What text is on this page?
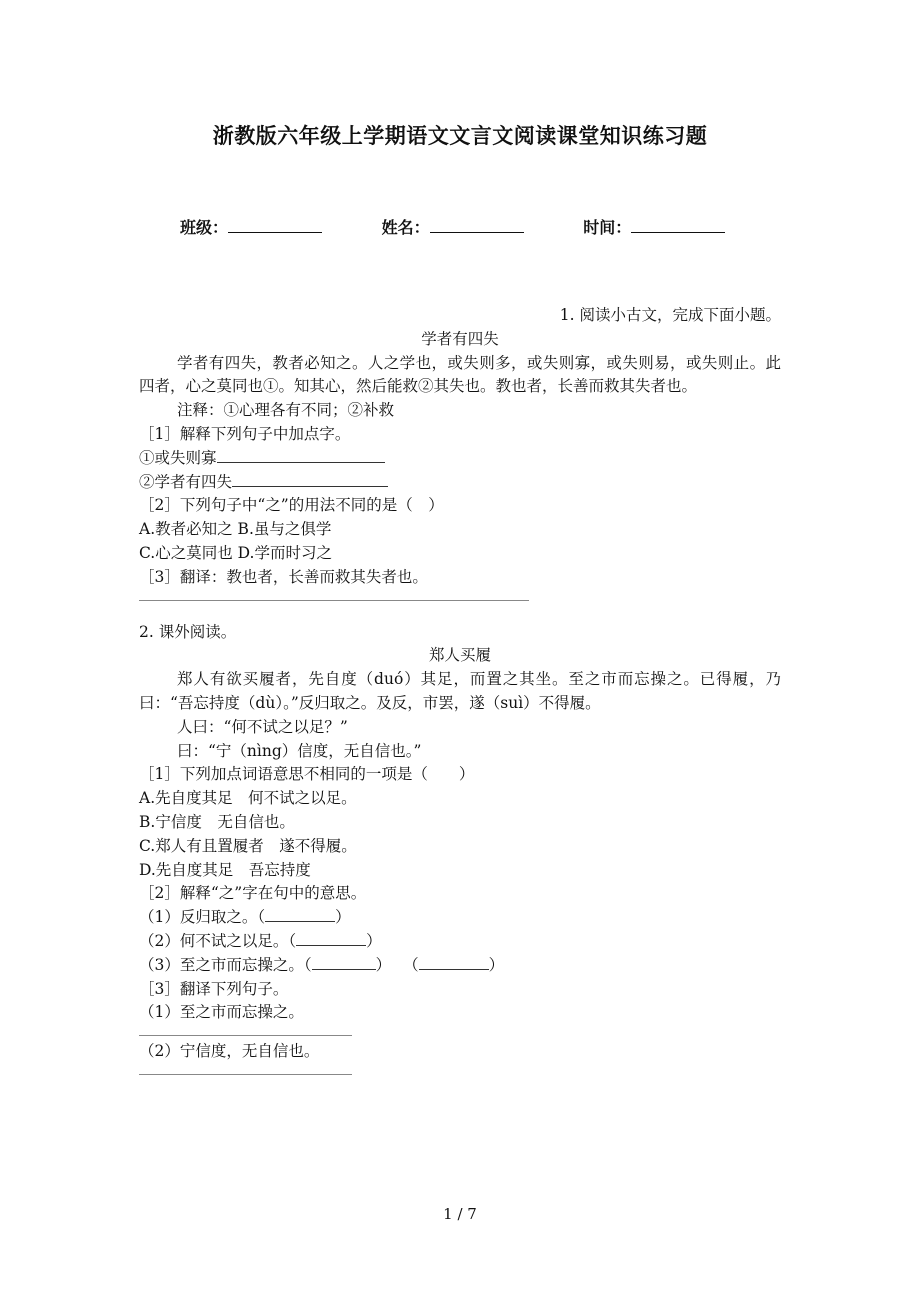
浙教版六年级上学期语文文言文阅读课堂知识练习题
班级：	姓名：	时间：
1. 阅读小古文，完成下面小题。
学者有四失
学者有四失，教者必知之。人之学也，或失则多，或失则寡，或失则易，或失则止。此四者，心之莫同也①。知其心，然后能救②其失也。教也者，长善而救其失者也。
注释：①心理各有不同；②补救
［1］解释下列句子中加点字。
①或失则寡
②学者有四失
［2］下列句子中“之”的用法不同的是（　）
A.教者必知之 B.虽与之俱学
C.心之莫同也 D.学而时习之
［3］翻译：教也者，长善而救其失者也。
2. 课外阅读。
郑人买履
郑人有欲买履者，先自度（duó）其足，而置之其坐。至之市而忘操之。已得履，乃曰：“吾忘持度（dù）。”反归取之。及反，市罢，遂（suì）不得履。
人曰：“何不试之以足？”
曰：“宁（nìng）信度，无自信也。”
［1］下列加点词语意思不相同的一项是（　　）
A.先自度其足　何不试之以足。
B.宁信度　无自信也。
C.郑人有且置履者　遂不得履。
D.先自度其足　吾忘持度
［2］解释“之”字在句中的意思。
（1）反归取之。（	）
（2）何不试之以足。（	）
（3）至之市而忘操之。（	） （	）
［3］翻译下列句子。
（1）至之市而忘操之。
（2）宁信度，无自信也。
1 / 7
